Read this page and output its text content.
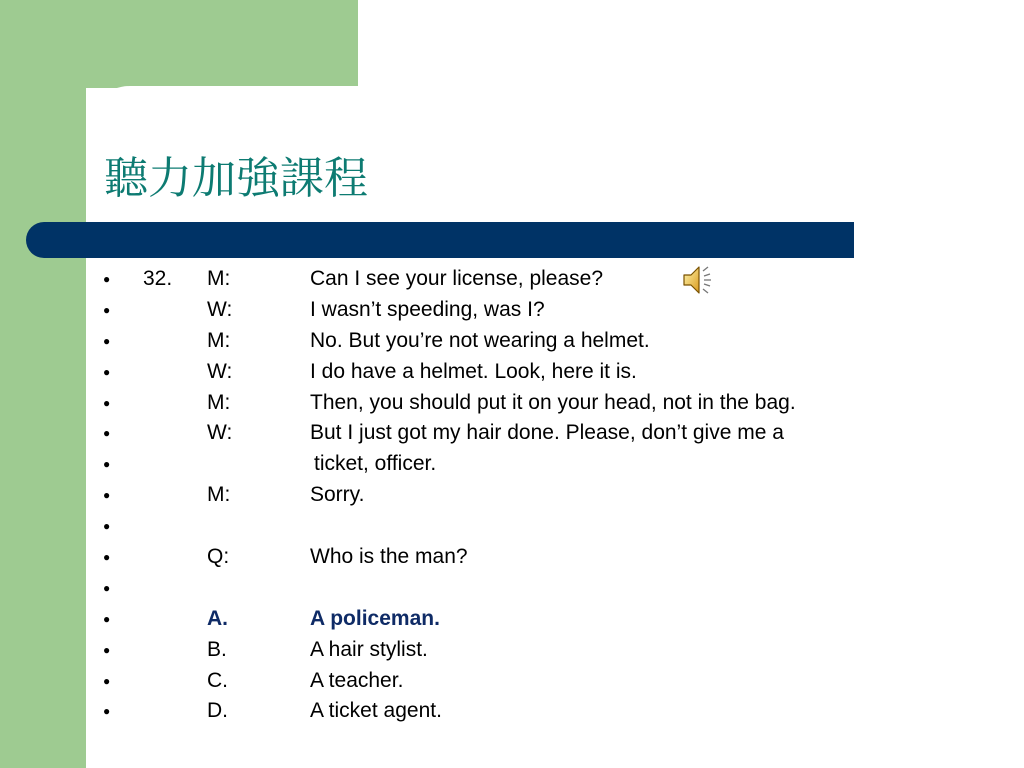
聽力加強課程
● 32. M:	Can I see your license, please?
●	W:	I wasn’t speeding, was I?
●	M:	No. But you’re not wearing a helmet.
●	W:	I do have a helmet. Look, here it is.
●	M:	Then, you should put it on your head, not in the bag.
●	W:	But I just got my hair done. Please, don’t give me a
●	ticket, officer.
●	M:	Sorry.
●
●	Q:	Who is the man?
●
●	A.	A policeman.
●	B.	A hair stylist.
●	C.	A teacher.
●	D.	A ticket agent.
